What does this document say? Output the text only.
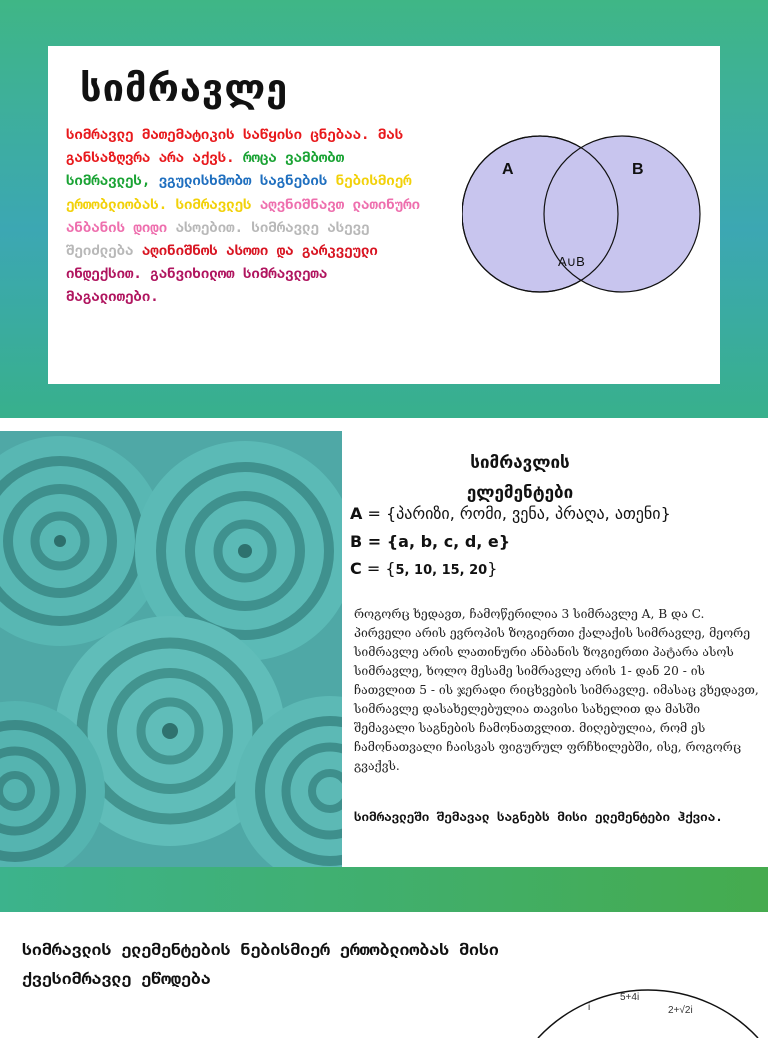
სიმრავლე
სიმრავლე მათემატიკის საწყისი ცნებაა. მას განსაზღვრა არა აქვს. როცა ვამბობთ სიმრავლეს, ვგულისხმობთ საგნების ნებისმიერ ერთობლიობას. სიმრავლეს აღვნიშნავთ ლათინური ანბანის დიდი ასოებით. სიმრავლე ასევე შეიძლება აღინიშნოს ასოთი და გარკვეული ინდექსით. განვიხილოთ სიმრავლეთა მაგალითები.
A	B
A∪B
სიმრავლის ელემენტები
A = {პარიზი, რომი, ვენა, პრაღა, ათენი}
B = {a, b, c, d, e}
C = {5, 10, 15, 20}
როგორც ხედავთ, ჩამოწერილია 3 სიმრავლე A, B და C. პირველი არის ევროპის ზოგიერთი ქალაქის სიმრავლე, მეორე სიმრავლე არის ლათინური ანბანის ზოგიერთი პატარა ასოს სიმრავლე, ხოლო მესამე სიმრავლე არის 1- დან 20 - ის ჩათვლით 5 - ის ჯერადი რიცხვების სიმრავლე. იმასაც ვხედავთ, სიმრავლე დასახელებულია თავისი სახელით და მასში შემავალი საგნების ჩამონათვლით. მიღებულია, რომ ეს ჩამონათვალი ჩაისვას ფიგურულ ფრჩხილებში, ისე, როგორც გვაქვს.
სიმრავლეში შემავალ საგნებს მისი ელემენტები ჰქვია.
სიმრავლის ელემენტების ნებისმიერ ერთობლიობას მისი ქვესიმრავლე ეწოდება
5+4i
i	2+√2i
